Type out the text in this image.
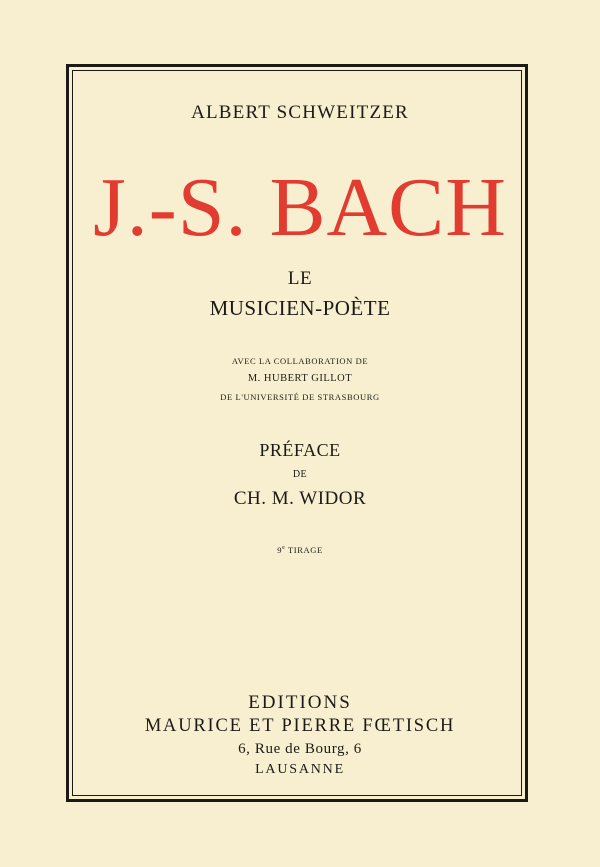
ALBERT SCHWEITZER
J.-S. BACH
LE
MUSICIEN-POÈTE
AVEC LA COLLABORATION DE
M. HUBERT GILLOT
DE L'UNIVERSITÉ DE STRASBOURG
PRÉFACE
DE
CH. M. WIDOR
9e TIRAGE
EDITIONS
MAURICE ET PIERRE FŒTISCH
6, Rue de Bourg, 6
LAUSANNE
